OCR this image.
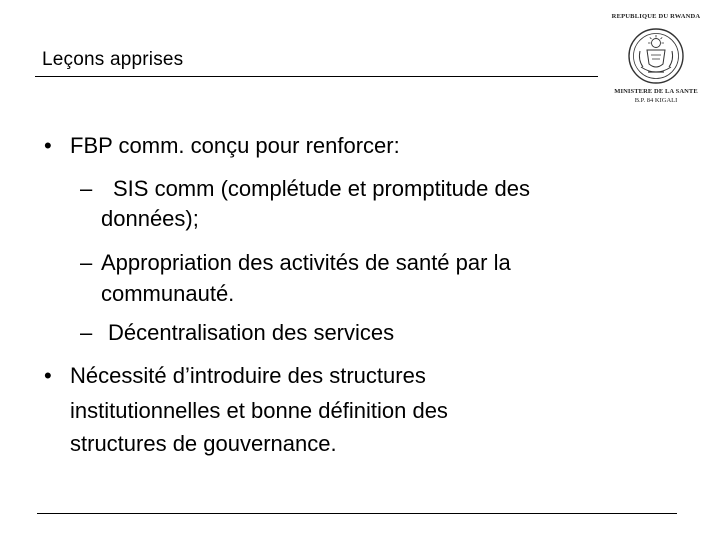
Leçons apprises
REPUBLIQUE DU RWANDA
MINISTERE DE LA SANTE
B.P. 84 KIGALI
• FBP comm. conçu pour renforcer:
– SIS comm (complétude et promptitude des
données);
– Appropriation des activités de santé par la
communauté.
– Décentralisation des services
• Nécessité d’introduire des structures
institutionnelles et bonne définition des
structures de gouvernance.
